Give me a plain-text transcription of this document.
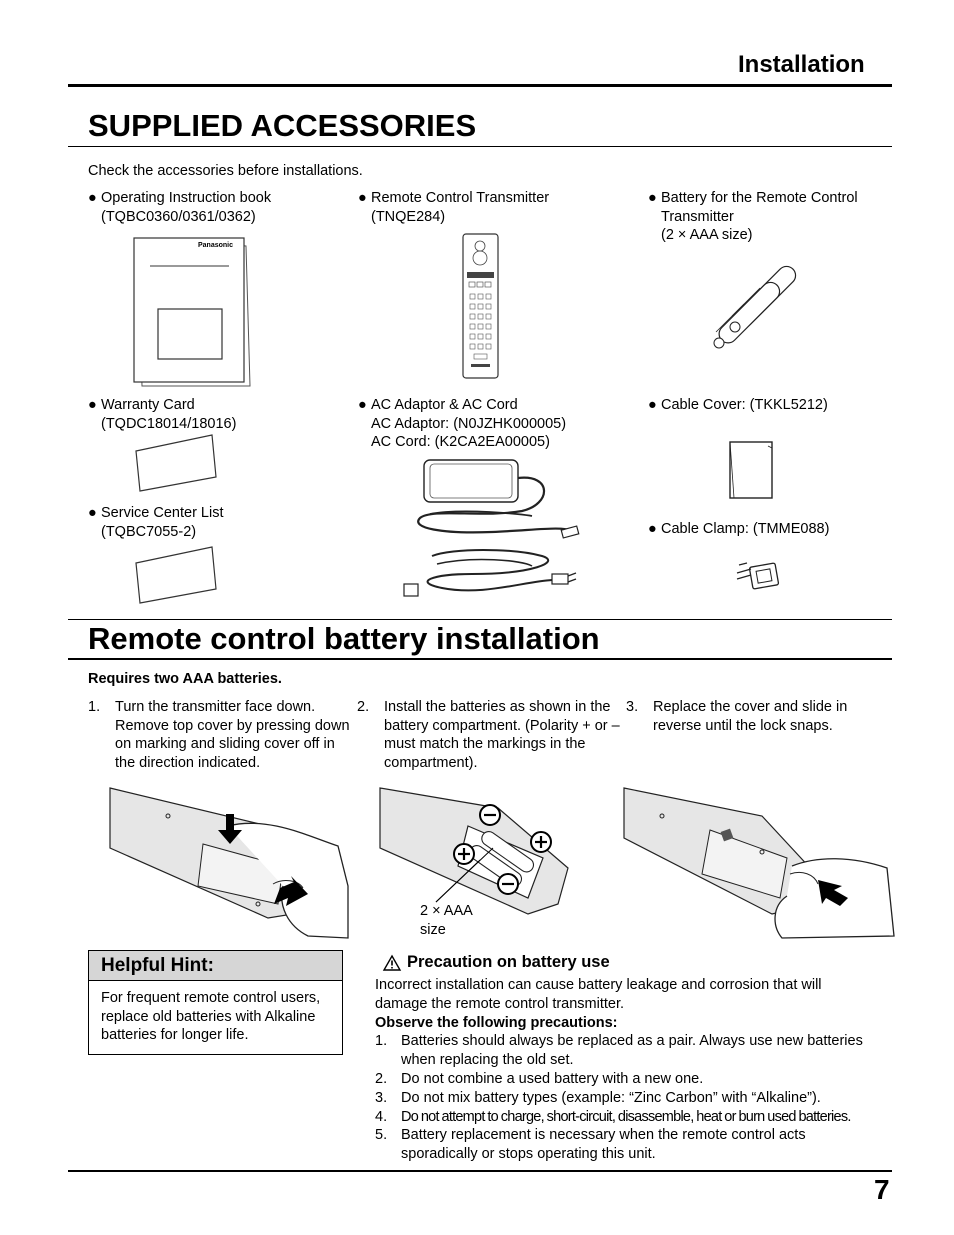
Installation
SUPPLIED ACCESSORIES
Check the accessories before installations.
● Operating Instruction book
(TQBC0360/0361/0362)
● Remote Control Transmitter
(TNQE284)
● Battery for the Remote Control
Transmitter
(2 × AAA size)
● Warranty Card
(TQDC18014/18016)
● AC Adaptor & AC Cord
AC Adaptor: (N0JZHK000005)
AC Cord: (K2CA2EA00005)
● Cable Cover: (TKKL5212)
● Service Center List
(TQBC7055-2)	● Cable Clamp: (TMME088)
Panasonic
Remote control battery installation
Requires two AAA batteries.
1. Turn the transmitter face down. Remove top cover by pressing down on marking and sliding cover off in the direction indicated.
2. Install the batteries as shown in the battery compartment. (Polarity + or – must match the markings in the compartment).
3. Replace the cover and slide in reverse until the lock snaps.
2 × AAA
size
Helpful Hint:
For frequent remote control users, replace old batteries with Alkaline batteries for longer life.
Precaution on battery use
Incorrect installation can cause battery leakage and corrosion that will damage the remote control transmitter.
Observe the following precautions:
1. Batteries should always be replaced as a pair. Always use new batteries when replacing the old set.
2. Do not combine a used battery with a new one.
3. Do not mix battery types (example: “Zinc Carbon” with “Alkaline”).
4. Do not attempt to charge, short-circuit, disassemble, heat or burn used batteries.
5. Battery replacement is necessary when the remote control acts sporadically or stops operating this unit.
7
